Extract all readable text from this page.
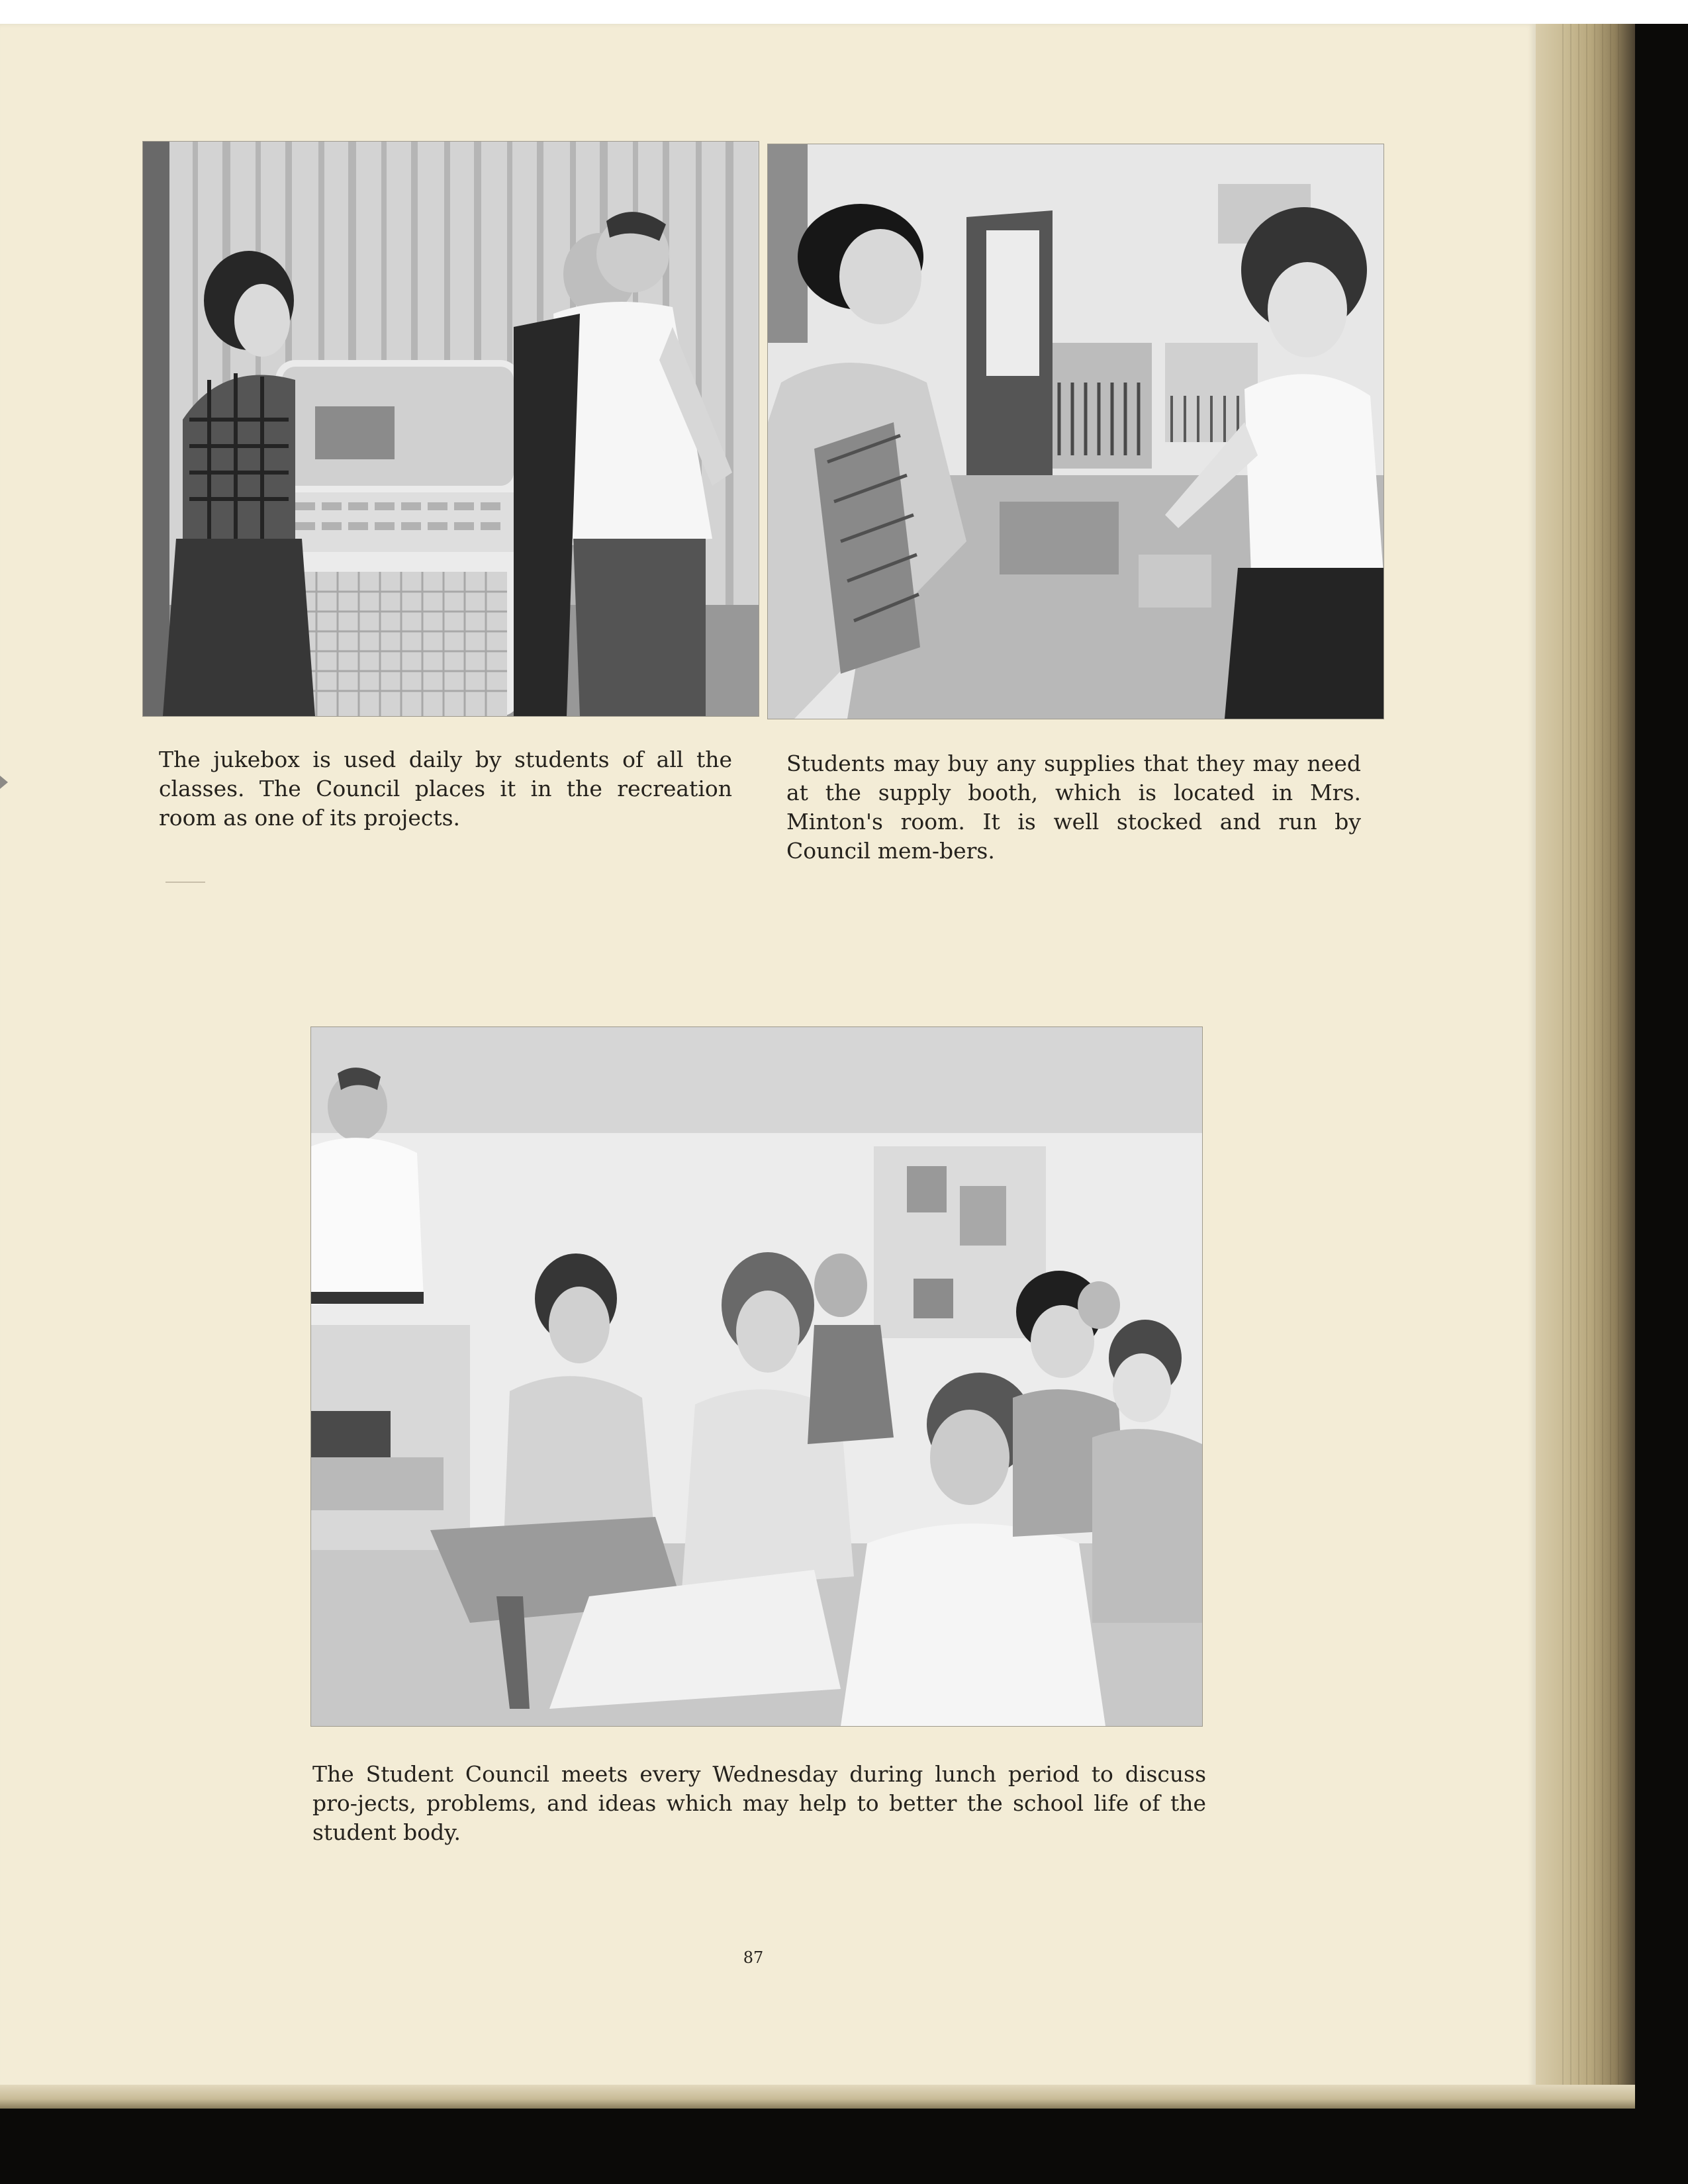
The jukebox is used daily by students of all the classes. The Council places it in the recreation room as one of its projects.

Students may buy any supplies that they may need at the supply booth, which is located in Mrs. Minton's room. It is well stocked and run by Council mem-bers.

The Student Council meets every Wednesday during lunch period to discuss pro-jects, problems, and ideas which may help to better the school life of the student body.

87
